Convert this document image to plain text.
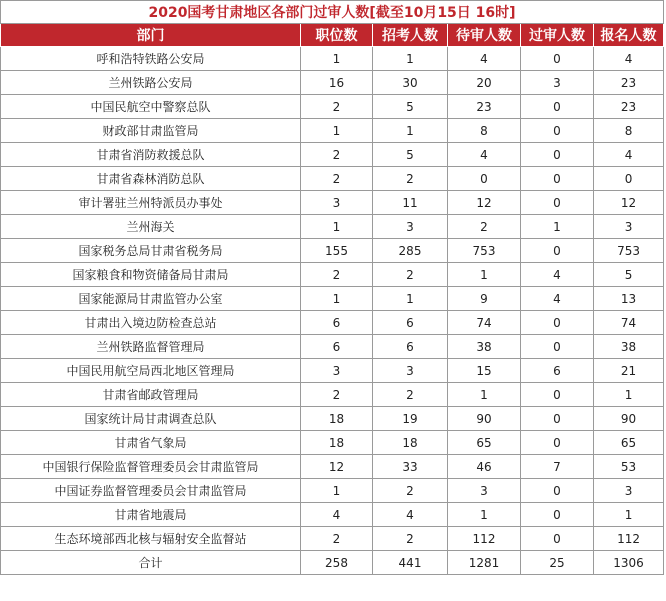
2020国考甘肃地区各部门过审人数[截至10月15日 16时]					
部门	职位数	招考人数	待审人数	过审人数	报名人数
呼和浩特铁路公安局	1	1	4	0	4
兰州铁路公安局	16	30	20	3	23
中国民航空中警察总队	2	5	23	0	23
财政部甘肃监管局	1	1	8	0	8
甘肃省消防救援总队	2	5	4	0	4
甘肃省森林消防总队	2	2	0	0	0
审计署驻兰州特派员办事处	3	11	12	0	12
兰州海关	1	3	2	1	3
国家税务总局甘肃省税务局	155	285	753	0	753
国家粮食和物资储备局甘肃局	2	2	1	4	5
国家能源局甘肃监管办公室	1	1	9	4	13
甘肃出入境边防检查总站	6	6	74	0	74
兰州铁路监督管理局	6	6	38	0	38
中国民用航空局西北地区管理局	3	3	15	6	21
甘肃省邮政管理局	2	2	1	0	1
国家统计局甘肃调查总队	18	19	90	0	90
甘肃省气象局	18	18	65	0	65
中国银行保险监督管理委员会甘肃监管局	12	33	46	7	53
中国证券监督管理委员会甘肃监管局	1	2	3	0	3
甘肃省地震局	4	4	1	0	1
生态环境部西北核与辐射安全监督站	2	2	112	0	112
合计	258	441	1281	25	1306
